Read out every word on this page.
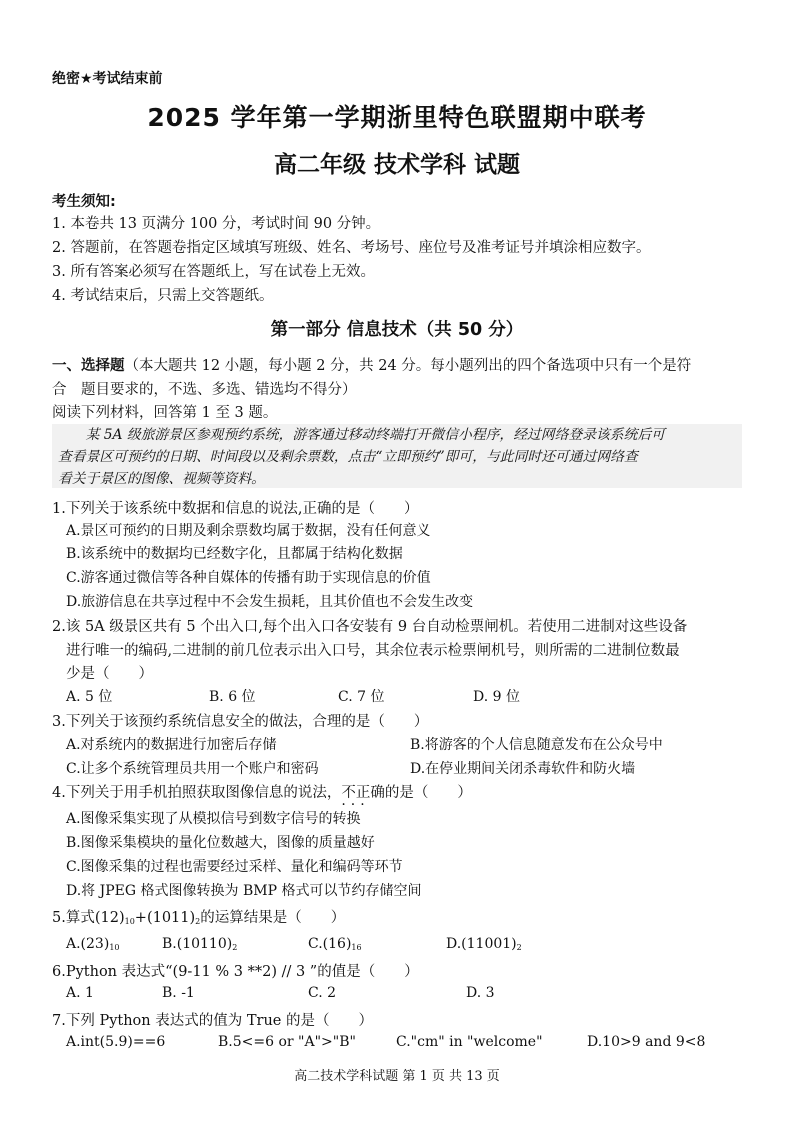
绝密★考试结束前
2025 学年第一学期浙里特色联盟期中联考
高二年级 技术学科 试题
考生须知:
1. 本卷共 13 页满分 100 分，考试时间 90 分钟。
2. 答题前，在答题卷指定区域填写班级、姓名、考场号、座位号及准考证号并填涂相应数字。
3. 所有答案必须写在答题纸上，写在试卷上无效。
4. 考试结束后，只需上交答题纸。
第一部分 信息技术（共 50 分）
一、选择题（本大题共 12 小题，每小题 2 分，共 24 分。每小题列出的四个备选项中只有一个是符
合　题目要求的，不选、多选、错选均不得分）
阅读下列材料，回答第 1 至 3 题。
　　某 5A 级旅游景区参观预约系统，游客通过移动终端打开微信小程序，经过网络登录该系统后可
查看景区可预约的日期、时间段以及剩余票数，点击“立即预约”即可，与此同时还可通过网络查
看关于景区的图像、视频等资料。
1.下列关于该系统中数据和信息的说法,正确的是（　　）
A.景区可预约的日期及剩余票数均属于数据，没有任何意义
B.该系统中的数据均已经数字化，且都属于结构化数据
C.游客通过微信等各种自媒体的传播有助于实现信息的价值
D.旅游信息在共享过程中不会发生损耗，且其价值也不会发生改变
2.该 5A 级景区共有 5 个出入口,每个出入口各安装有 9 台自动检票闸机。若使用二进制对这些设备
进行唯一的编码,二进制的前几位表示出入口号，其余位表示检票闸机号，则所需的二进制位数最
少是（　　）
A. 5 位	B. 6 位	C. 7 位	D. 9 位
3.下列关于该预约系统信息安全的做法，合理的是（　　）
A.对系统内的数据进行加密后存储	B.将游客的个人信息随意发布在公众号中
C.让多个系统管理员共用一个账户和密码	D.在停业期间关闭杀毒软件和防火墙
4.下列关于用手机拍照获取图像信息的说法，不正确 ···的是（　　）
A.图像采集实现了从模拟信号到数字信号的转换
B.图像采集模块的量化位数越大，图像的质量越好
C.图像采集的过程也需要经过采样、量化和编码等环节
D.将 JPEG 格式图像转换为 BMP 格式可以节约存储空间
5.算式$(12)_{10}+(1011)_2$的运算结果是（　　）
$A.(23)_{10}$	$B.(10110)_2$	$C.(16)_{16}$	$D.(11001)_2$
6.Python 表达式“(9-11 % 3 **2) // 3 ”的值是（　　）
A. 1	B. -1	C. 2	D. 3
7.下列 Python 表达式的值为 True 的是（　　）
A.int(5.9)==6	B.5<=6 or "A">"B"	C."cm" in "welcome"	D.10>9 and 9<8
高二技术学科试题 第 1 页 共 13 页
